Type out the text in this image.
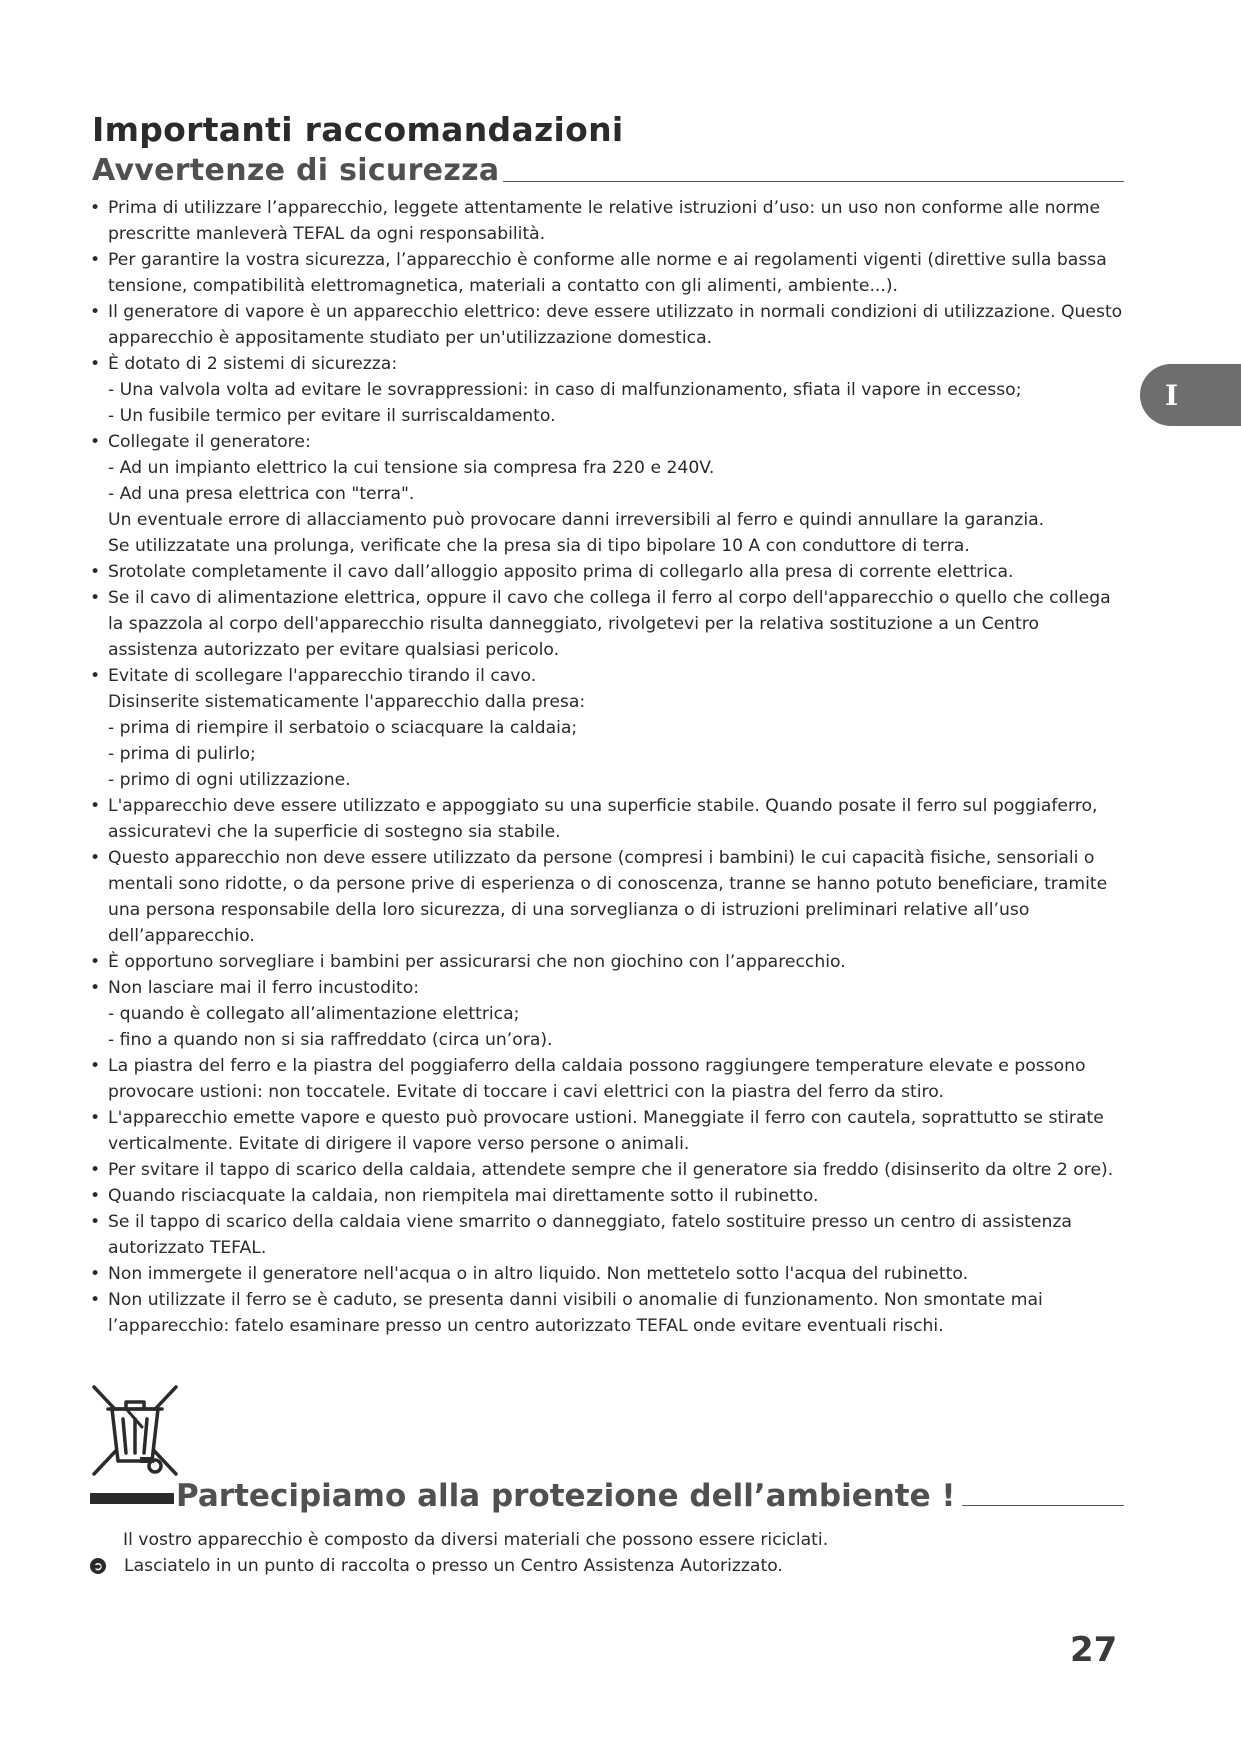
Importanti raccomandazioni
Avvertenze di sicurezza
I
• Prima di utilizzare l’apparecchio, leggete attentamente le relative istruzioni d’uso: un uso non conforme alle norme
prescritte manleverà TEFAL da ogni responsabilità.
• Per garantire la vostra sicurezza, l’apparecchio è conforme alle norme e ai regolamenti vigenti (direttive sulla bassa
tensione, compatibilità elettromagnetica, materiali a contatto con gli alimenti, ambiente...).
• Il generatore di vapore è un apparecchio elettrico: deve essere utilizzato in normali condizioni di utilizzazione. Questo
apparecchio è appositamente studiato per un'utilizzazione domestica.
• È dotato di 2 sistemi di sicurezza:
- Una valvola volta ad evitare le sovrappressioni: in caso di malfunzionamento, sfiata il vapore in eccesso;
- Un fusibile termico per evitare il surriscaldamento.
• Collegate il generatore:
- Ad un impianto elettrico la cui tensione sia compresa fra 220 e 240V.
- Ad una presa elettrica con "terra".
Un eventuale errore di allacciamento può provocare danni irreversibili al ferro e quindi annullare la garanzia.
Se utilizzatate una prolunga, verificate che la presa sia di tipo bipolare 10 A con conduttore di terra.
• Srotolate completamente il cavo dall’alloggio apposito prima di collegarlo alla presa di corrente elettrica.
• Se il cavo di alimentazione elettrica, oppure il cavo che collega il ferro al corpo dell'apparecchio o quello che collega
la spazzola al corpo dell'apparecchio risulta danneggiato, rivolgetevi per la relativa sostituzione a un Centro
assistenza autorizzato per evitare qualsiasi pericolo.
• Evitate di scollegare l'apparecchio tirando il cavo.
Disinserite sistematicamente l'apparecchio dalla presa:
- prima di riempire il serbatoio o sciacquare la caldaia;
- prima di pulirlo;
- primo di ogni utilizzazione.
• L'apparecchio deve essere utilizzato e appoggiato su una superficie stabile. Quando posate il ferro sul poggiaferro,
assicuratevi che la superficie di sostegno sia stabile.
• Questo apparecchio non deve essere utilizzato da persone (compresi i bambini) le cui capacità fisiche, sensoriali o
mentali sono ridotte, o da persone prive di esperienza o di conoscenza, tranne se hanno potuto beneficiare, tramite
una persona responsabile della loro sicurezza, di una sorveglianza o di istruzioni preliminari relative all’uso
dell’apparecchio.
• È opportuno sorvegliare i bambini per assicurarsi che non giochino con l’apparecchio.
• Non lasciare mai il ferro incustodito:
- quando è collegato all’alimentazione elettrica;
- fino a quando non si sia raffreddato (circa un’ora).
• La piastra del ferro e la piastra del poggiaferro della caldaia possono raggiungere temperature elevate e possono
provocare ustioni: non toccatele. Evitate di toccare i cavi elettrici con la piastra del ferro da stiro.
• L'apparecchio emette vapore e questo può provocare ustioni. Maneggiate il ferro con cautela, soprattutto se stirate
verticalmente. Evitate di dirigere il vapore verso persone o animali.
• Per svitare il tappo di scarico della caldaia, attendete sempre che il generatore sia freddo (disinserito da oltre 2 ore).
• Quando risciacquate la caldaia, non riempitela mai direttamente sotto il rubinetto.
• Se il tappo di scarico della caldaia viene smarrito o danneggiato, fatelo sostituire presso un centro di assistenza
autorizzato TEFAL.
• Non immergete il generatore nell'acqua o in altro liquido. Non mettetelo sotto l'acqua del rubinetto.
• Non utilizzate il ferro se è caduto, se presenta danni visibili o anomalie di funzionamento. Non smontate mai
l’apparecchio: fatelo esaminare presso un centro autorizzato TEFAL onde evitare eventuali rischi.
Partecipiamo alla protezione dell’ambiente !
Il vostro apparecchio è composto da diversi materiali che possono essere riciclati.
➲ Lasciatelo in un punto di raccolta o presso un Centro Assistenza Autorizzato.
27
